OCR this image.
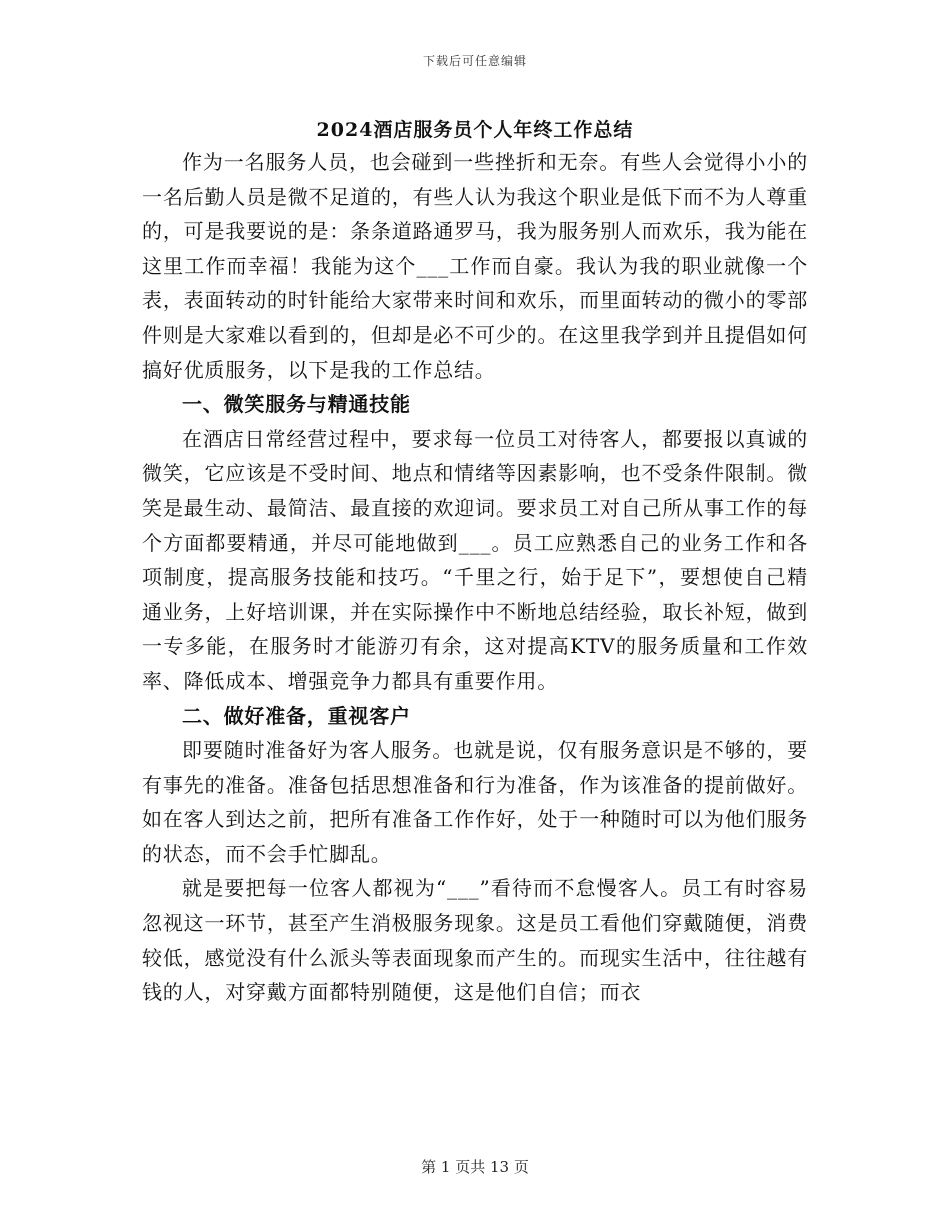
下载后可任意编辑
2024酒店服务员个人年终工作总结

作为一名服务人员，也会碰到一些挫折和无奈。有些人会觉得小小的一名后勤人员是微不足道的，有些人认为我这个职业是低下而不为人尊重的，可是我要说的是：条条道路通罗马，我为服务别人而欢乐，我为能在这里工作而幸福！我能为这个___工作而自豪。我认为我的职业就像一个表，表面转动的时针能给大家带来时间和欢乐，而里面转动的微小的零部件则是大家难以看到的，但却是必不可少的。在这里我学到并且提倡如何搞好优质服务，以下是我的工作总结。

一、微笑服务与精通技能

在酒店日常经营过程中，要求每一位员工对待客人，都要报以真诚的微笑，它应该是不受时间、地点和情绪等因素影响，也不受条件限制。微笑是最生动、最简洁、最直接的欢迎词。要求员工对自己所从事工作的每个方面都要精通，并尽可能地做到___。员工应熟悉自己的业务工作和各项制度，提高服务技能和技巧。“千里之行，始于足下”，要想使自己精通业务，上好培训课，并在实际操作中不断地总结经验，取长补短，做到一专多能，在服务时才能游刃有余，这对提高KTV的服务质量和工作效率、降低成本、增强竞争力都具有重要作用。

二、做好准备，重视客户

即要随时准备好为客人服务。也就是说，仅有服务意识是不够的，要有事先的准备。准备包括思想准备和行为准备，作为该准备的提前做好。如在客人到达之前，把所有准备工作作好，处于一种随时可以为他们服务的状态，而不会手忙脚乱。

就是要把每一位客人都视为“___”看待而不怠慢客人。员工有时容易忽视这一环节，甚至产生消极服务现象。这是员工看他们穿戴随便，消费较低，感觉没有什么派头等表面现象而产生的。而现实生活中，往往越有钱的人，对穿戴方面都特别随便，这是他们自信；而衣

第 1 页共 13 页
